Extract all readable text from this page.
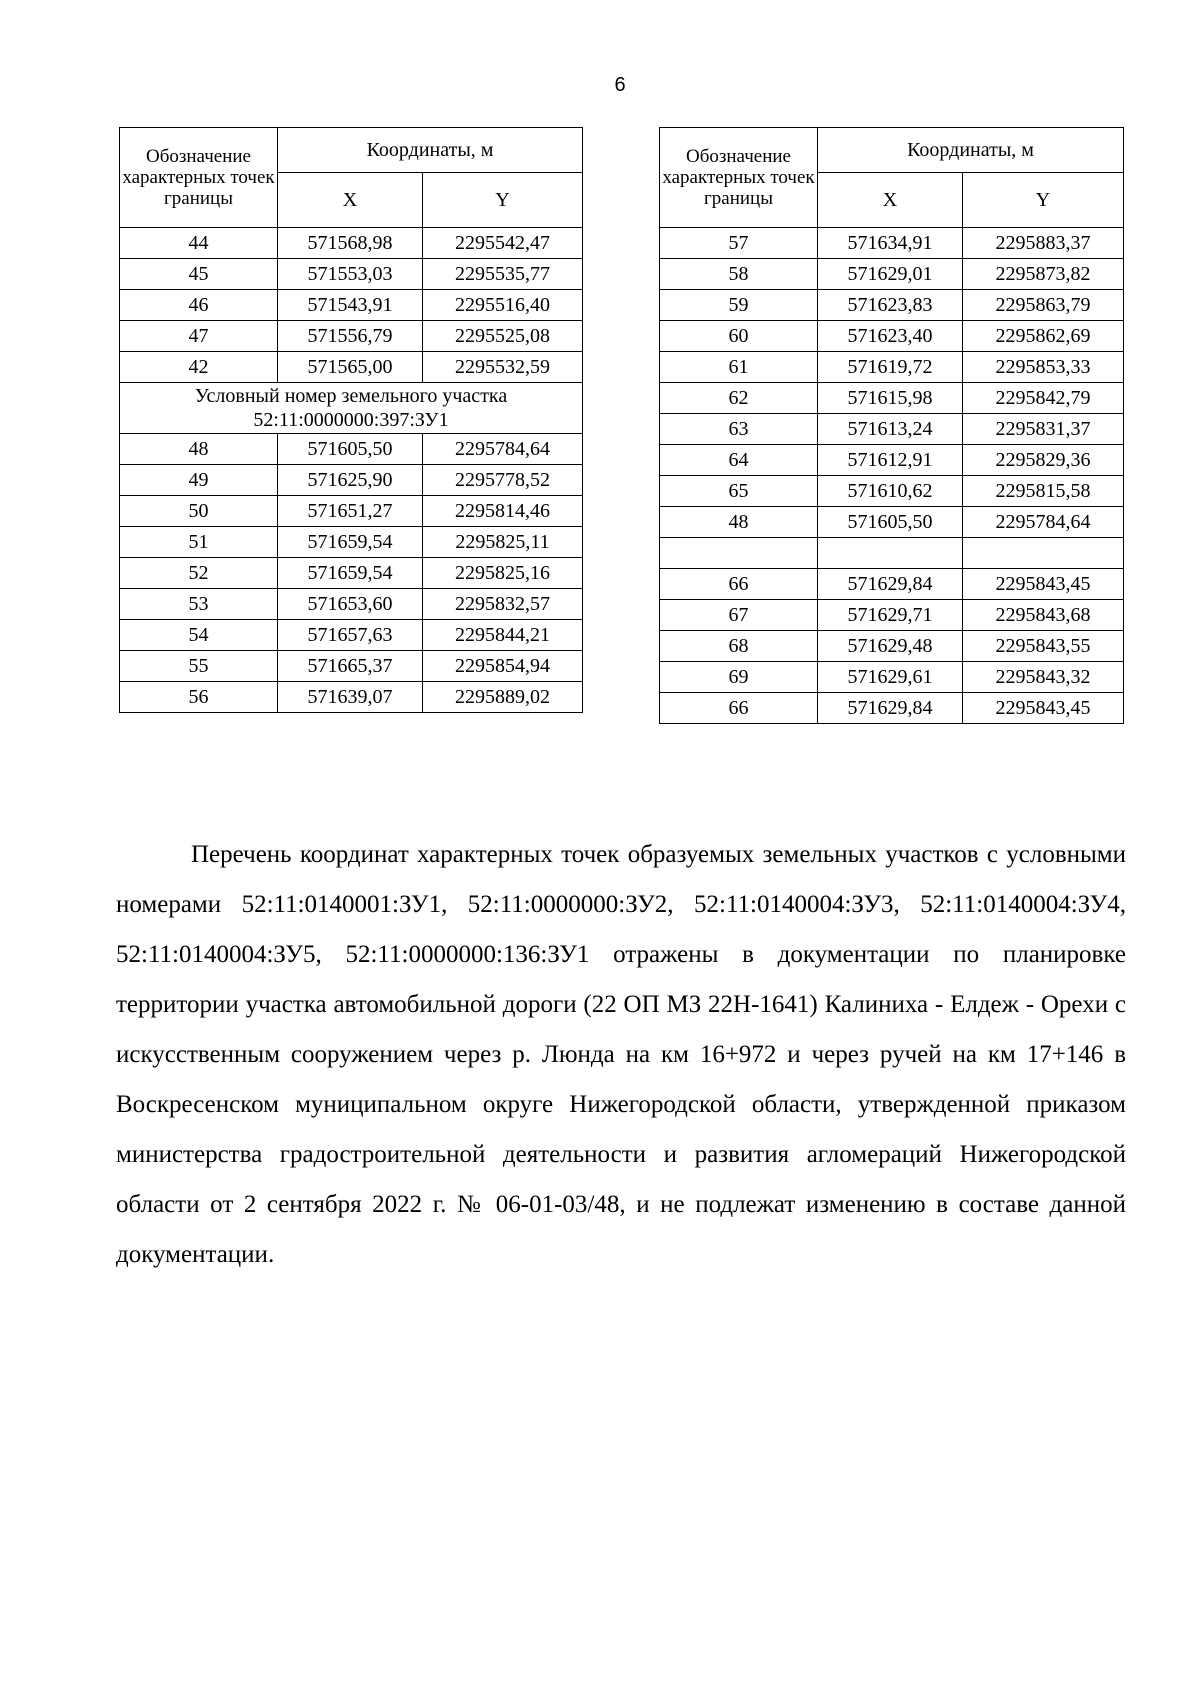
6
Обозначение характерных точек границы	Координаты, м	
	X	Y
44	571568,98	2295542,47
45	571553,03	2295535,77
46	571543,91	2295516,40
47	571556,79	2295525,08
42	571565,00	2295532,59
Условный номер земельного участка
52:11:0000000:397:ЗУ1		
48	571605,50	2295784,64
49	571625,90	2295778,52
50	571651,27	2295814,46
51	571659,54	2295825,11
52	571659,54	2295825,16
53	571653,60	2295832,57
54	571657,63	2295844,21
55	571665,37	2295854,94
56	571639,07	2295889,02
Обозначение характерных точек границы	Координаты, м	
	X	Y
57	571634,91	2295883,37
58	571629,01	2295873,82
59	571623,83	2295863,79
60	571623,40	2295862,69
61	571619,72	2295853,33
62	571615,98	2295842,79
63	571613,24	2295831,37
64	571612,91	2295829,36
65	571610,62	2295815,58
48	571605,50	2295784,64

66	571629,84	2295843,45
67	571629,71	2295843,68
68	571629,48	2295843,55
69	571629,61	2295843,32
66	571629,84	2295843,45

Перечень координат характерных точек образуемых земельных участков с условными номерами 52:11:0140001:ЗУ1, 52:11:0000000:ЗУ2, 52:11:0140004:ЗУ3, 52:11:0140004:ЗУ4, 52:11:0140004:ЗУ5, 52:11:0000000:136:ЗУ1 отражены в документации по планировке территории участка автомобильной дороги (22 ОП МЗ 22Н-1641) Калиниха - Елдеж - Орехи с искусственным сооружением через р. Люнда на км 16+972 и через ручей на км 17+146 в Воскресенском муниципальном округе Нижегородской области, утвержденной приказом министерства градостроительной деятельности и развития агломераций Нижегородской области от 2 сентября 2022 г. № 06-01-03/48, и не подлежат изменению в составе данной документации.
